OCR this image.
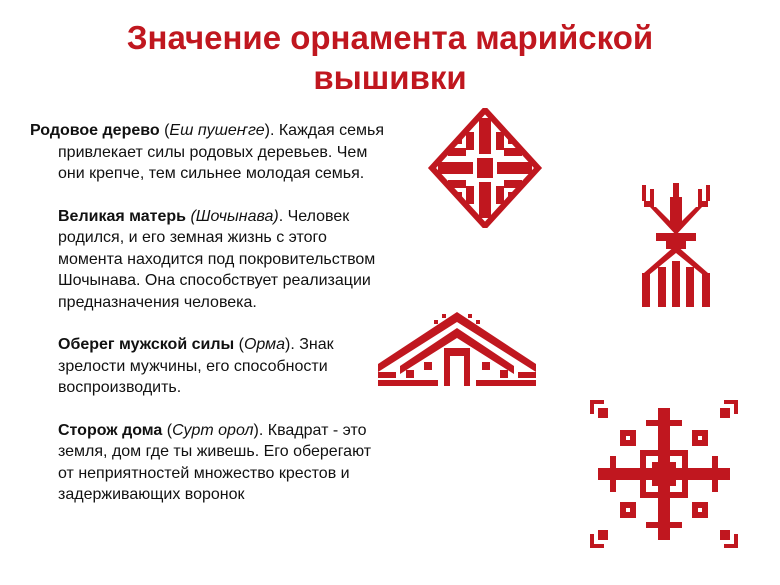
Значение орнамента марийской вышивки
Родовое дерево (Еш пушеҥге). Каждая семья привлекает силы родовых деревьев. Чем они крепче, тем сильнее молодая семья.
Великая матерь (Шочынава). Человек родился, и его земная жизнь с этого момента находится под покровительством Шочынава. Она способствует реализации предназначения человека.
Оберег мужской силы (Орма). Знак зрелости мужчины, его способности воспроизводить.
Сторож дома (Сурт орол). Квадрат - это земля, дом где ты живешь. Его оберегают от неприятностей множество крестов и задерживающих воронок
